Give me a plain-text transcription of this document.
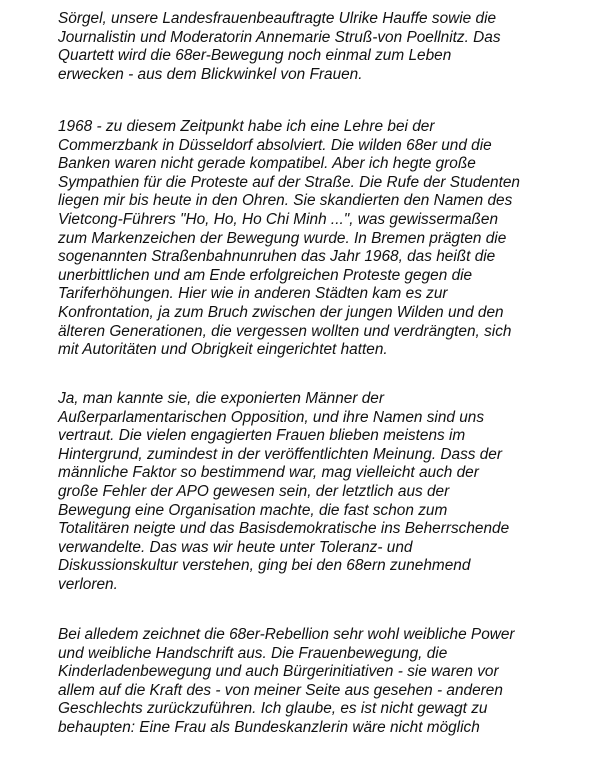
Sörgel, unsere Landesfrauenbeauftragte Ulrike Hauffe sowie die
Journalistin und Moderatorin Annemarie Struß-von Poellnitz. Das
Quartett wird die 68er-Bewegung noch einmal zum Leben
erwecken - aus dem Blickwinkel von Frauen.
1968 - zu diesem Zeitpunkt habe ich eine Lehre bei der
Commerzbank in Düsseldorf absolviert. Die wilden 68er und die
Banken waren nicht gerade kompatibel. Aber ich hegte große
Sympathien für die Proteste auf der Straße. Die Rufe der Studenten
liegen mir bis heute in den Ohren. Sie skandierten den Namen des
Vietcong-Führers "Ho, Ho, Ho Chi Minh ...", was gewissermaßen
zum Markenzeichen der Bewegung wurde. In Bremen prägten die
sogenannten Straßenbahnunruhen das Jahr 1968, das heißt die
unerbittlichen und am Ende erfolgreichen Proteste gegen die
Tariferhöhungen. Hier wie in anderen Städten kam es zur
Konfrontation, ja zum Bruch zwischen der jungen Wilden und den
älteren Generationen, die vergessen wollten und verdrängten, sich
mit Autoritäten und Obrigkeit eingerichtet hatten.
Ja, man kannte sie, die exponierten Männer der
Außerparlamentarischen Opposition, und ihre Namen sind uns
vertraut. Die vielen engagierten Frauen blieben meistens im
Hintergrund, zumindest in der veröffentlichten Meinung. Dass der
männliche Faktor so bestimmend war, mag vielleicht auch der
große Fehler der APO gewesen sein, der letztlich aus der
Bewegung eine Organisation machte, die fast schon zum
Totalitären neigte und das Basisdemokratische ins Beherrschende
verwandelte. Das was wir heute unter Toleranz- und
Diskussionskultur verstehen, ging bei den 68ern zunehmend
verloren.
Bei alledem zeichnet die 68er-Rebellion sehr wohl weibliche Power
und weibliche Handschrift aus. Die Frauenbewegung, die
Kinderladenbewegung und auch Bürgerinitiativen - sie waren vor
allem auf die Kraft des - von meiner Seite aus gesehen - anderen
Geschlechts zurückzuführen. Ich glaube, es ist nicht gewagt zu
behaupten: Eine Frau als Bundeskanzlerin wäre nicht möglich
